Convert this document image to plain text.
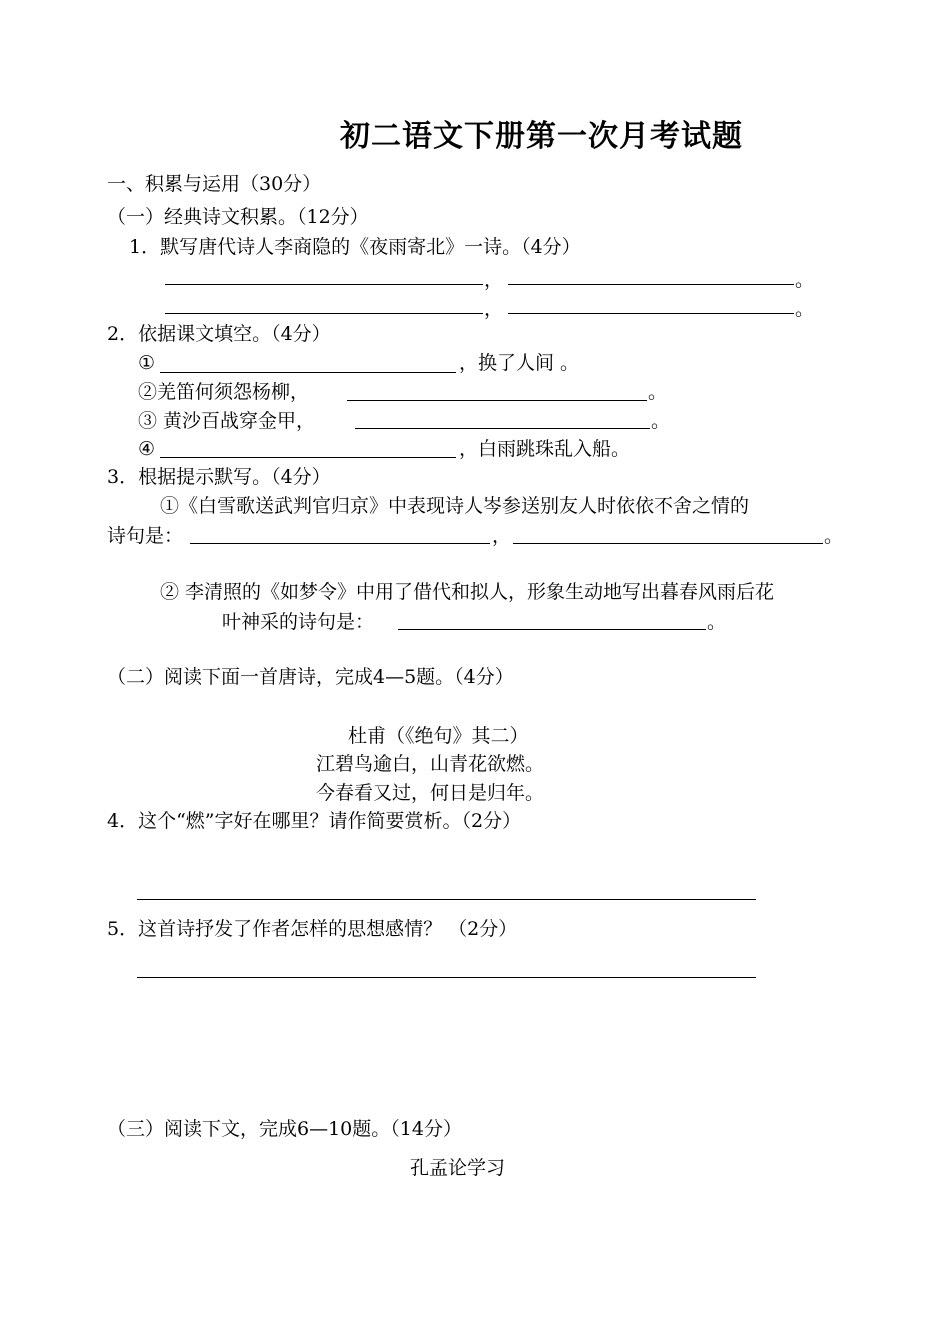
初二语文下册第一次月考试题
一、积累与运用（30分）
（一）经典诗文积累。（12分）
1．默写唐代诗人李商隐的《夜雨寄北》一诗。（4分）
，	。
，	。
2．依据课文填空。（4分）
①	，换了人间 。
②羌笛何须怨杨柳，	。
③ 黄沙百战穿金甲，	。
④	，白雨跳珠乱入船。
3．根据提示默写。（4分）
①《白雪歌送武判官归京》中表现诗人岑参送别友人时依依不舍之情的
诗句是：	，	。
② 李清照的《如梦令》中用了借代和拟人，形象生动地写出暮春风雨后花
叶神采的诗句是：	。
（二）阅读下面一首唐诗，完成4—5题。（4分）
杜甫（《绝句》其二）
江碧鸟逾白，山青花欲燃。
今春看又过，何日是归年。
4．这个“燃”字好在哪里？请作简要赏析。（2分）
5．这首诗抒发了作者怎样的思想感情？ （2分）
（三）阅读下文，完成6—10题。（14分）
孔孟论学习
